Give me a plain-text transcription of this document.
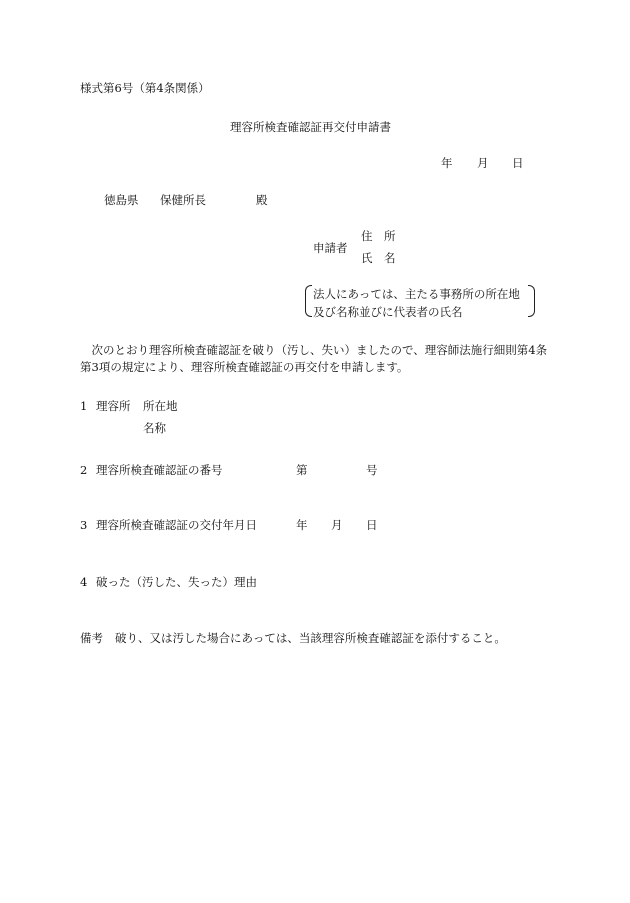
様式第6号（第4条関係）
理容所検査確認証再交付申請書
年 月 日
徳島県 保健所長	殿
申請者
住　所
氏　名
法人にあっては、主たる事務所の所在地
及び名称並びに代表者の氏名
　次のとおり理容所検査確認証を破り（汚し、失い）ましたので、理容師法施行細則第4条第3項の規定により、理容所検査確認証の再交付を申請します。
1 理容所 所在地
名称
2 理容所検査確認証の番号	第	号
3 理容所検査確認証の交付年月日	年 月 日
4 破った（汚した、失った）理由
備考 破り、又は汚した場合にあっては、当該理容所検査確認証を添付すること。
